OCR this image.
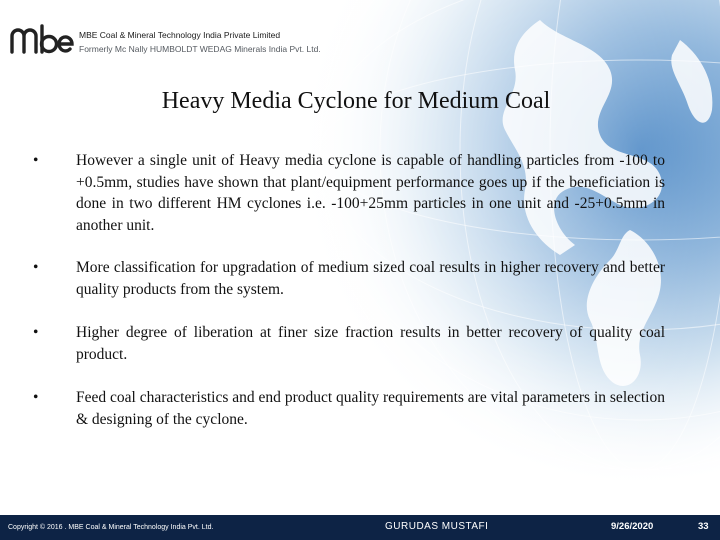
MBE Coal & Mineral Technology India Private Limited
Formerly Mc Nally HUMBOLDT WEDAG Minerals India Pvt. Ltd.
Heavy Media Cyclone for Medium Coal
• However a single unit of Heavy media cyclone is capable of handling particles from -100 to +0.5mm, studies have shown that plant/equipment performance goes up if the beneficiation is done in two different HM cyclones i.e. -100+25mm particles in one unit and -25+0.5mm in another unit.
• More classification for upgradation of medium sized coal results in higher recovery and better quality products from the system.
• Higher degree of liberation at finer size fraction results in better recovery of quality coal product.
• Feed coal characteristics and end product quality requirements are vital parameters in selection & designing of the cyclone.
Copyright © 2016 . MBE Coal & Mineral Technology India Pvt. Ltd.	GURUDAS MUSTAFI	9/26/2020	33
